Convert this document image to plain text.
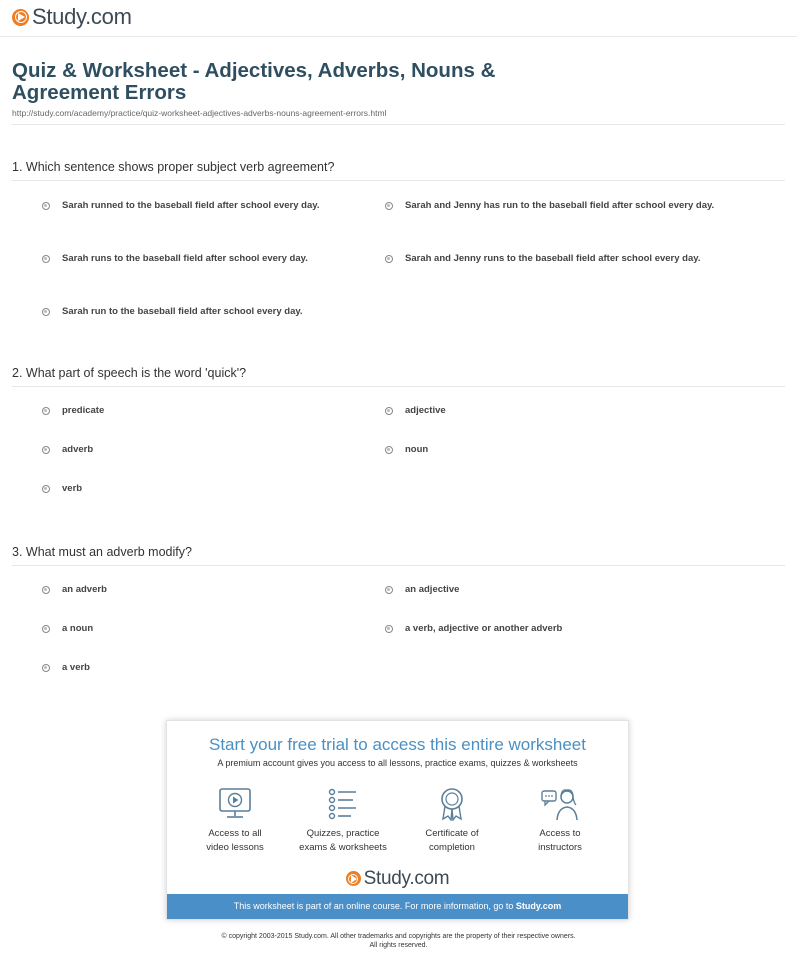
Study.com
Quiz & Worksheet - Adjectives, Adverbs, Nouns & Agreement Errors
http://study.com/academy/practice/quiz-worksheet-adjectives-adverbs-nouns-agreement-errors.html
1. Which sentence shows proper subject verb agreement?
Sarah runned to the baseball field after school every day.	Sarah and Jenny has run to the baseball field after school every day.
Sarah runs to the baseball field after school every day.	Sarah and Jenny runs to the baseball field after school every day.
Sarah run to the baseball field after school every day.
2. What part of speech is the word 'quick'?
predicate	adjective
adverb	noun
verb
3. What must an adverb modify?
an adverb	an adjective
a noun	a verb, adjective or another adverb
a verb
Start your free trial to access this entire worksheet
A premium account gives you access to all lessons, practice exams, quizzes & worksheets
Access to all
video lessons
Quizzes, practice
exams & worksheets
Certificate of
completion
Access to
instructors
Study.com
This worksheet is part of an online course. For more information, go to Study.com
© copyright 2003-2015 Study.com. All other trademarks and copyrights are the property of their respective owners.
All rights reserved.
